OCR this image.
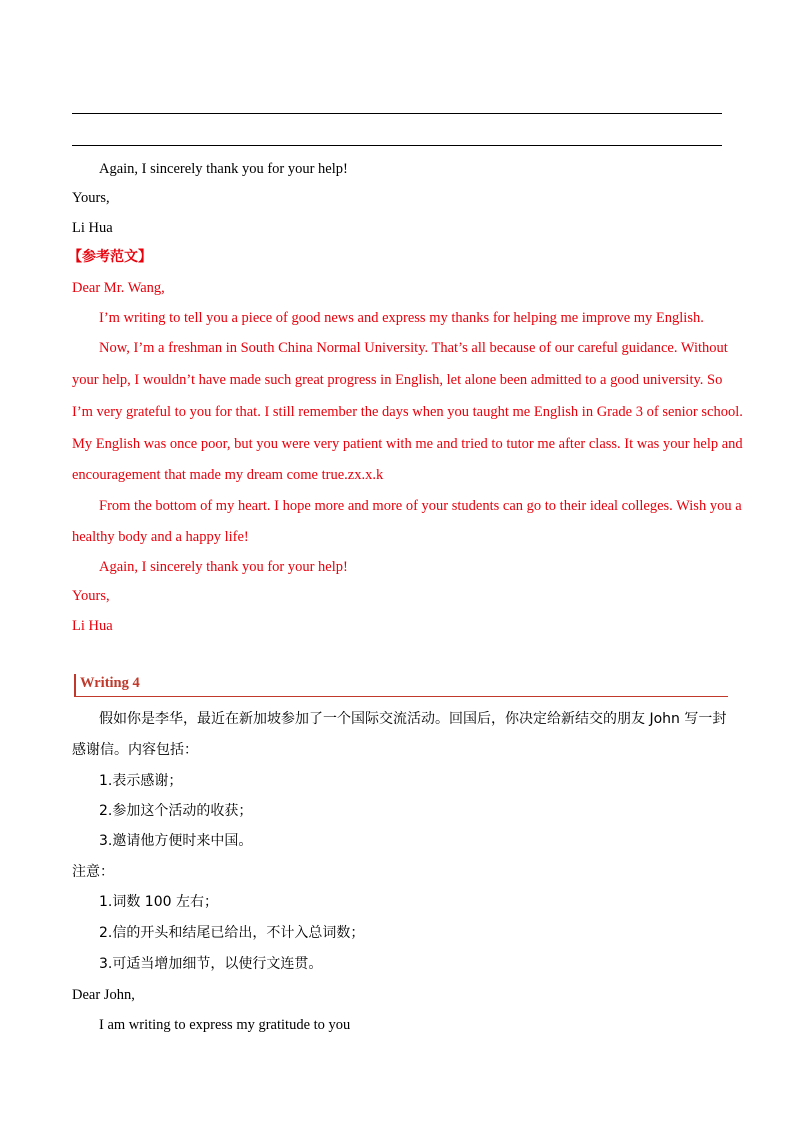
Again, I sincerely thank you for your help!
Yours,
Li Hua
【参考范文】
Dear Mr. Wang,
I’m writing to tell you a piece of good news and express my thanks for helping me improve my English.
Now, I’m a freshman in South China Normal University. That’s all because of our careful guidance. Without
your help, I wouldn’t have made such great progress in English, let alone been admitted to a good university. So
I’m very grateful to you for that. I still remember the days when you taught me English in Grade 3 of senior school.
My English was once poor, but you were very patient with me and tried to tutor me after class. It was your help and
encouragement that made my dream come true.zx.x.k
From the bottom of my heart. I hope more and more of your students can go to their ideal colleges. Wish you a
healthy body and a happy life!
Again, I sincerely thank you for your help!
Yours,
Li Hua
Writing 4
假如你是李华，最近在新加坡参加了一个国际交流活动。回国后，你决定给新结交的朋友 John 写一封
感谢信。内容包括：
1.表示感谢；
2.参加这个活动的收获；
3.邀请他方便时来中国。
注意：
1.词数 100 左右；
2.信的开头和结尾已给出，不计入总词数；
3.可适当增加细节，以使行文连贯。
Dear John,
I am writing to express my gratitude to you
